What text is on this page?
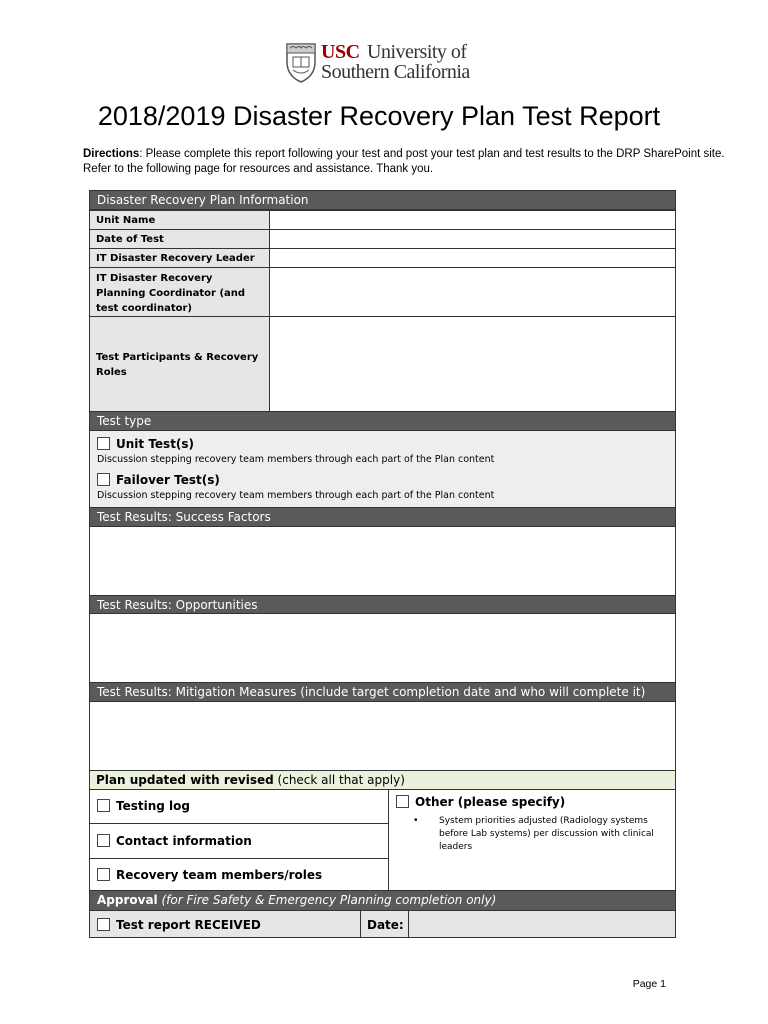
USC University of
Southern California
2018/2019 Disaster Recovery Plan Test Report
Directions: Please complete this report following your test and post your test plan and test results to the DRP SharePoint site. Refer to the following page for resources and assistance. Thank you.
Disaster Recovery Plan Information
Unit Name
Date of Test
IT Disaster Recovery Leader
IT Disaster Recovery Planning Coordinator (and test coordinator)
Test Participants & Recovery Roles
Test type
Unit Test(s)
Discussion stepping recovery team members through each part of the Plan content
Failover Test(s)
Discussion stepping recovery team members through each part of the Plan content
Test Results: Success Factors
Test Results: Opportunities
Test Results: Mitigation Measures (include target completion date and who will complete it)
Plan updated with revised (check all that apply)
Testing log
Contact information
Recovery team members/roles
Other (please specify)
• System priorities adjusted (Radiology systems before Lab systems) per discussion with clinical leaders
Approval (for Fire Safety & Emergency Planning completion only)
Test report RECEIVED	Date:
Page 1
